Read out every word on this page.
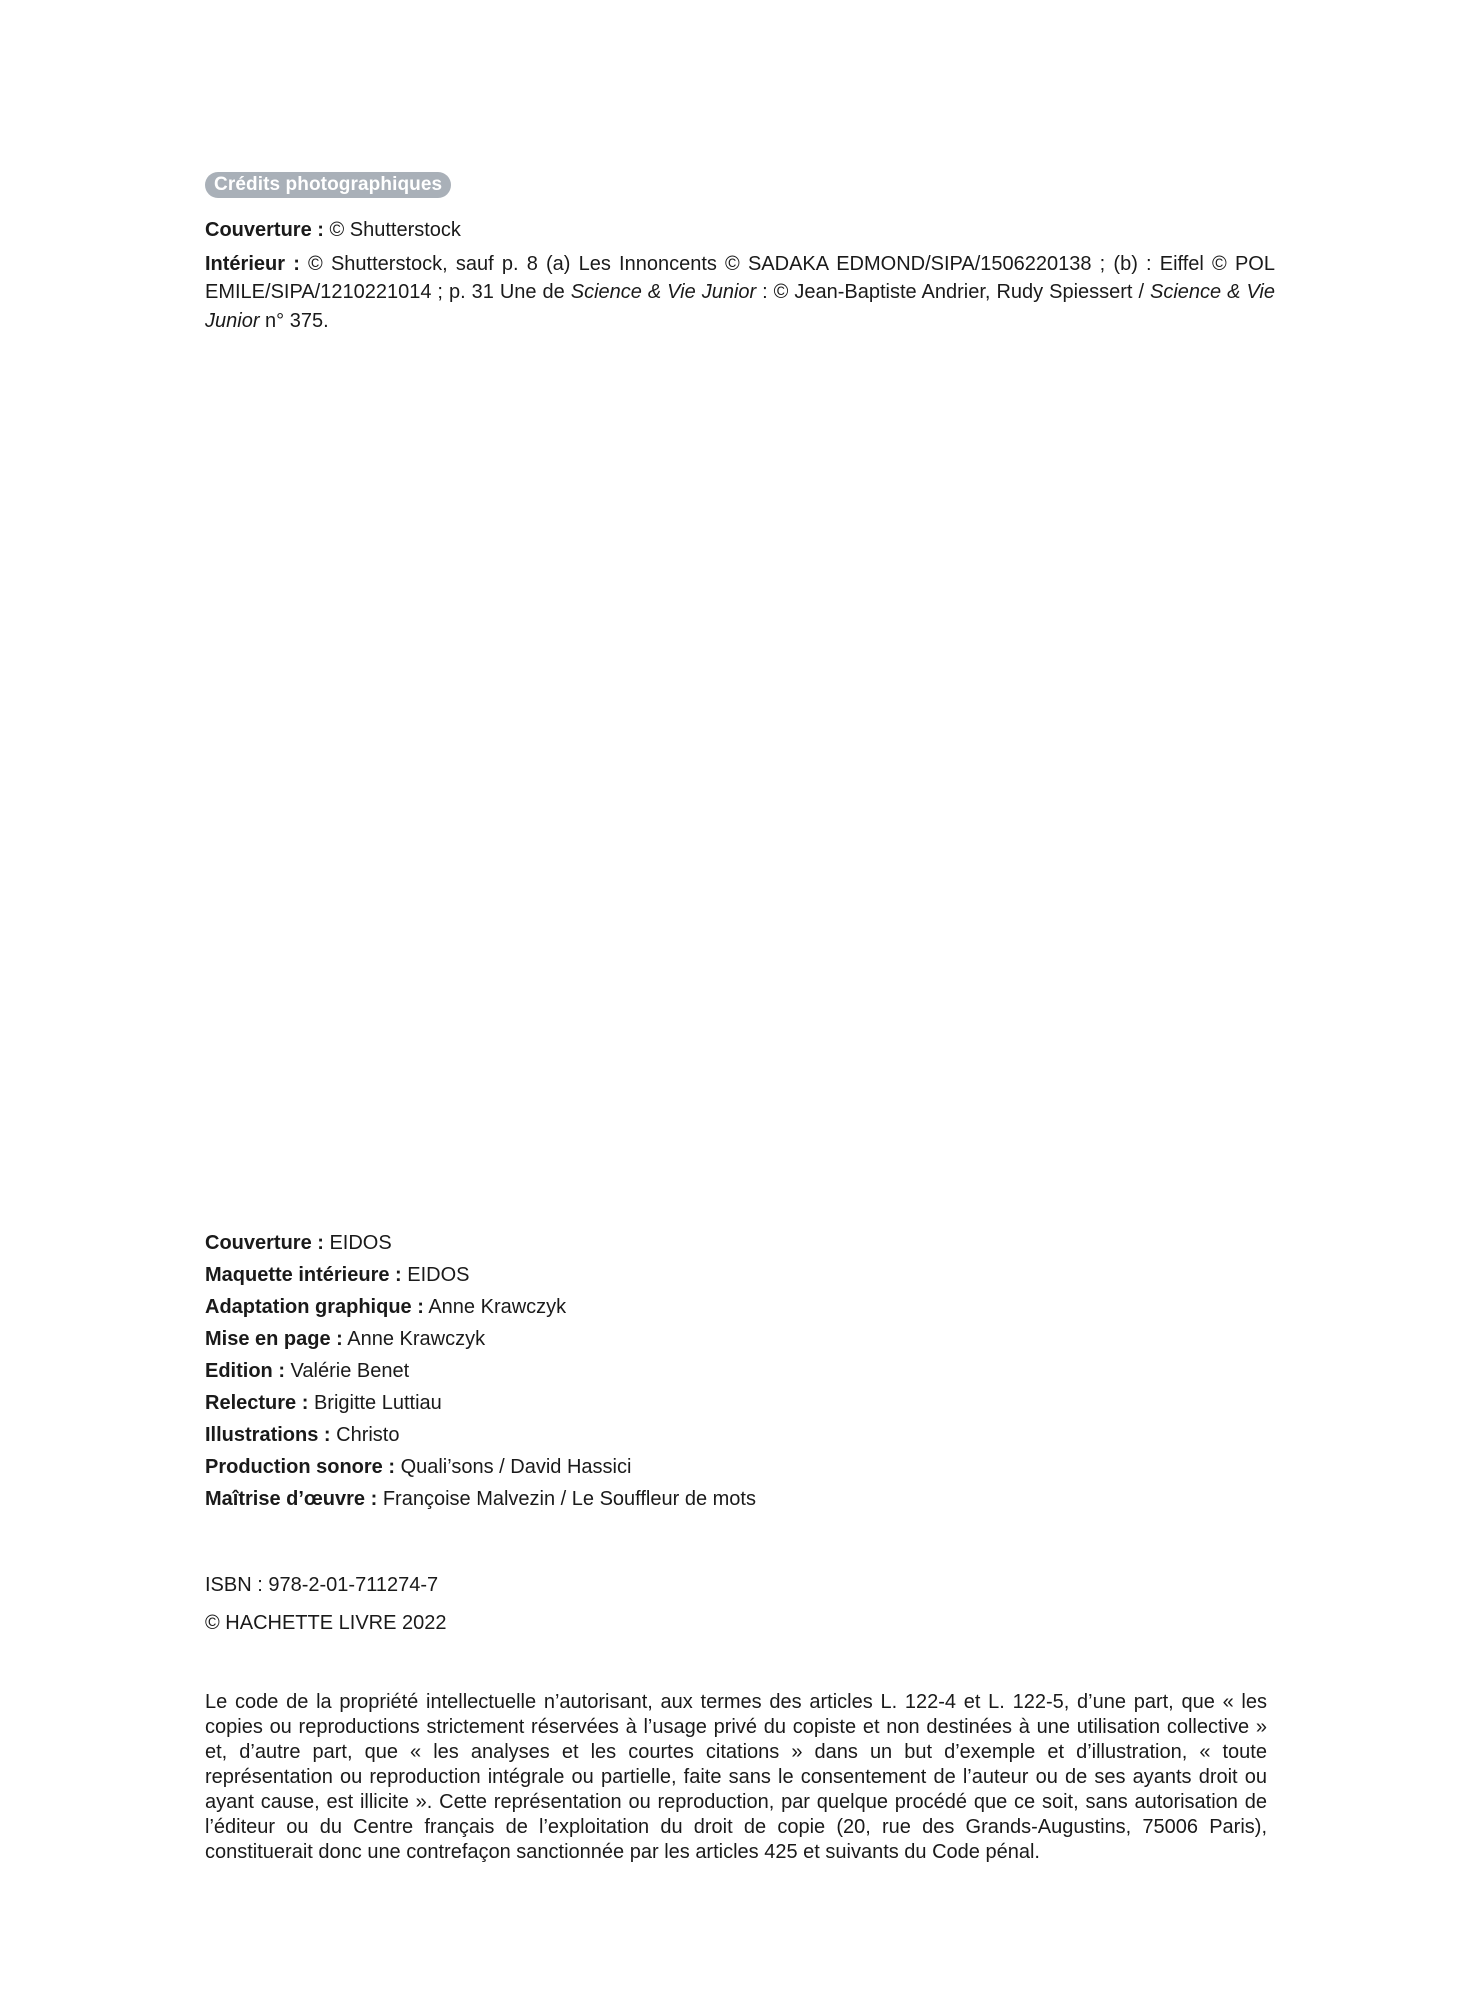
Crédits photographiques

Couverture : © Shutterstock

Intérieur : © Shutterstock, sauf p. 8 (a) Les Innoncents © SADAKA EDMOND/SIPA/1506220138 ; (b) : Eiffel © POL EMILE/SIPA/1210221014 ; p. 31 Une de Science & Vie Junior : © Jean-Baptiste Andrier, Rudy Spiessert / Science & Vie Junior n° 375.

Couverture : EIDOS
Maquette intérieure : EIDOS
Adaptation graphique : Anne Krawczyk
Mise en page : Anne Krawczyk
Edition : Valérie Benet
Relecture : Brigitte Luttiau
Illustrations : Christo
Production sonore : Quali’sons / David Hassici
Maîtrise d’œuvre : Françoise Malvezin / Le Souffleur de mots
ISBN : 978-2-01-711274-7
© HACHETTE LIVRE 2022

Le code de la propriété intellectuelle n’autorisant, aux termes des articles L. 122-4 et L. 122-5, d’une part, que « les copies ou reproductions strictement réservées à l’usage privé du copiste et non destinées à une utilisation collective » et, d’autre part, que « les analyses et les courtes citations » dans un but d’exemple et d’illustration, « toute représentation ou reproduction intégrale ou partielle, faite sans le consentement de l’auteur ou de ses ayants droit ou ayant cause, est illicite ». Cette représentation ou reproduction, par quelque procédé que ce soit, sans autorisation de l’éditeur ou du Centre français de l’exploitation du droit de copie (20, rue des Grands-Augustins, 75006 Paris), constituerait donc une contrefaçon sanctionnée par les articles 425 et suivants du Code pénal.
